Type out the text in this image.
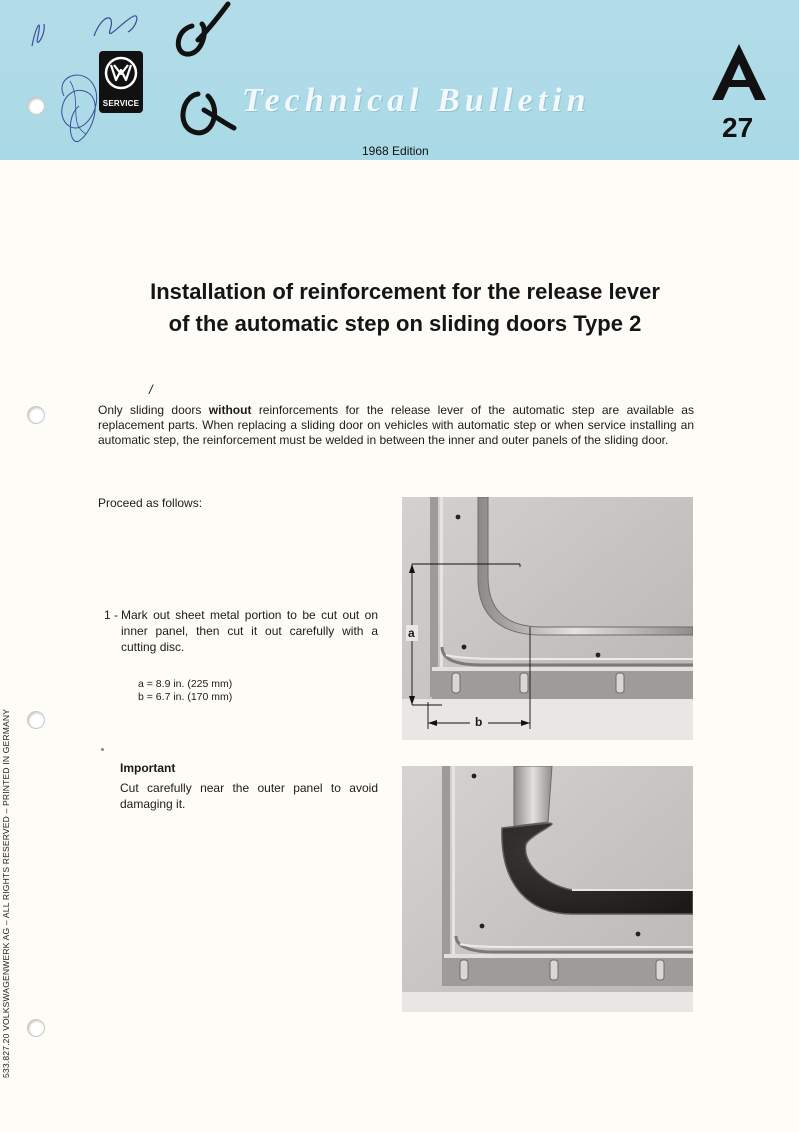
SERVICE	Technical Bulletin
1968 Edition
27
Installation of reinforcement for the release lever
of the automatic step on sliding doors Type 2
/
Only sliding doors without reinforcements for the release lever of the automatic step are available as replacement parts. When replacing a sliding door on vehicles with automatic step or when service installing an automatic step, the reinforcement must be welded in between the inner and outer panels of the sliding door.
Proceed as follows:
1 - Mark out sheet metal portion to be cut out on inner panel, then cut it out carefully with a cutting disc.
a = 8.9 in. (225 mm)
b = 6.7 in. (170 mm)
Important
Cut carefully near the outer panel to avoid damaging it.
a
b
533.827.20 VOLKSWAGENWERK AG – ALL RIGHTS RESERVED – PRINTED IN GERMANY
